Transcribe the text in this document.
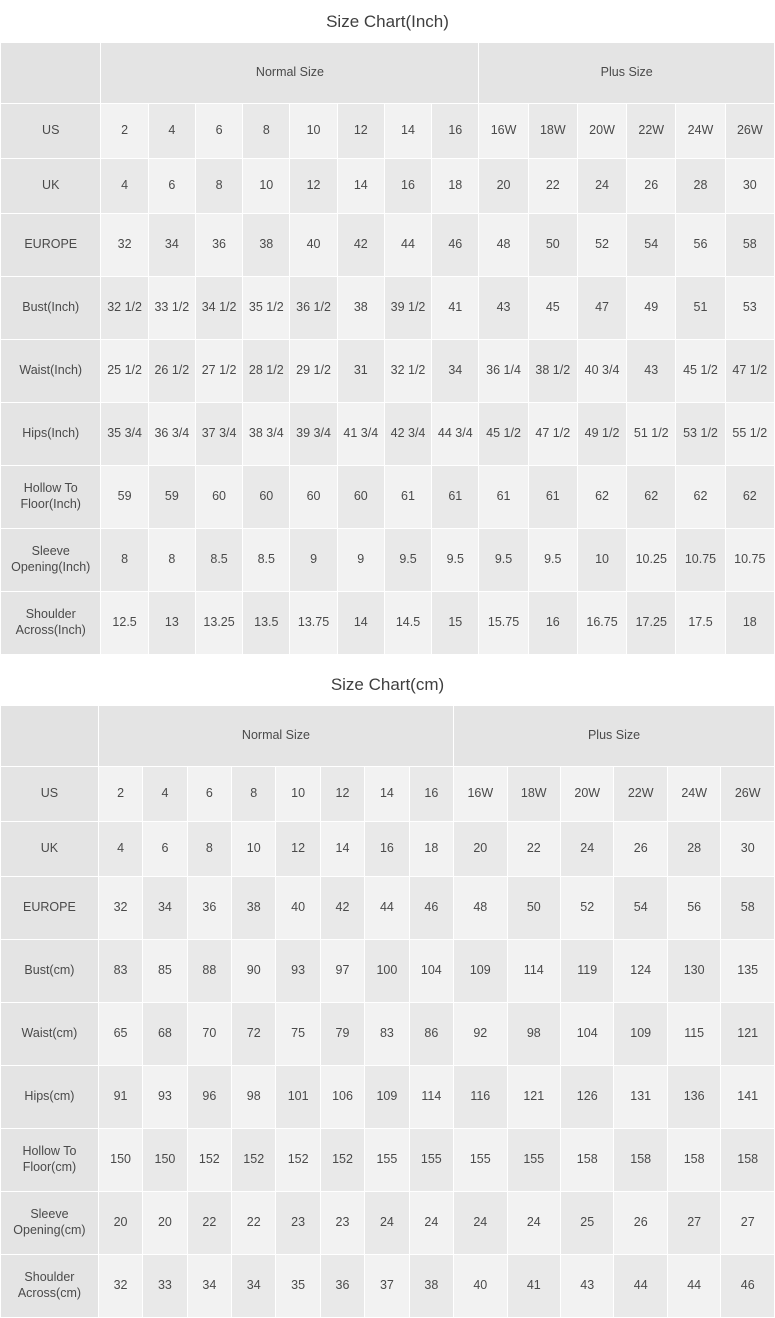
Size Chart(Inch)
	Normal Size								Plus Size					
US	2	4	6	8	10	12	14	16	16W	18W	20W	22W	24W	26W
UK	4	6	8	10	12	14	16	18	20	22	24	26	28	30
EUROPE	32	34	36	38	40	42	44	46	48	50	52	54	56	58
Bust(Inch)	32 1/2	33 1/2	34 1/2	35 1/2	36 1/2	38	39 1/2	41	43	45	47	49	51	53
Waist(Inch)	25 1/2	26 1/2	27 1/2	28 1/2	29 1/2	31	32 1/2	34	36 1/4	38 1/2	40 3/4	43	45 1/2	47 1/2
Hips(Inch)	35 3/4	36 3/4	37 3/4	38 3/4	39 3/4	41 3/4	42 3/4	44 3/4	45 1/2	47 1/2	49 1/2	51 1/2	53 1/2	55 1/2
Hollow To Floor(Inch)	59	59	60	60	60	60	61	61	61	61	62	62	62	62
Sleeve Opening(Inch)	8	8	8.5	8.5	9	9	9.5	9.5	9.5	9.5	10	10.25	10.75	10.75
Shoulder Across(Inch)	12.5	13	13.25	13.5	13.75	14	14.5	15	15.75	16	16.75	17.25	17.5	18
Size Chart(cm)
	Normal Size								Plus Size					
US	2	4	6	8	10	12	14	16	16W	18W	20W	22W	24W	26W
UK	4	6	8	10	12	14	16	18	20	22	24	26	28	30
EUROPE	32	34	36	38	40	42	44	46	48	50	52	54	56	58
Bust(cm)	83	85	88	90	93	97	100	104	109	114	119	124	130	135
Waist(cm)	65	68	70	72	75	79	83	86	92	98	104	109	115	121
Hips(cm)	91	93	96	98	101	106	109	114	116	121	126	131	136	141
Hollow To Floor(cm)	150	150	152	152	152	152	155	155	155	155	158	158	158	158
Sleeve Opening(cm)	20	20	22	22	23	23	24	24	24	24	25	26	27	27
Shoulder Across(cm)	32	33	34	34	35	36	37	38	40	41	43	44	44	46
